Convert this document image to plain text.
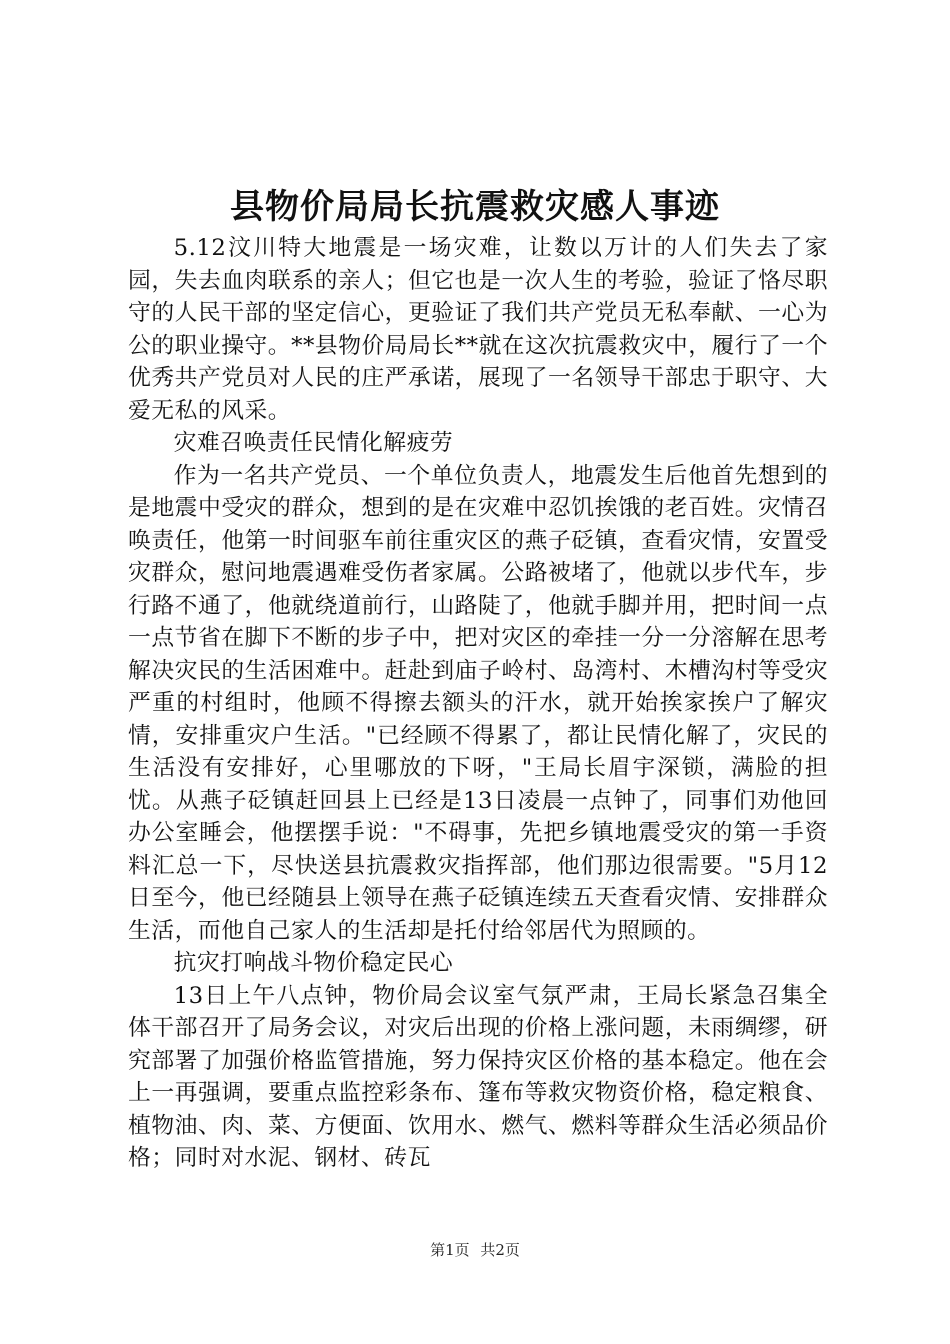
县物价局局长抗震救灾感人事迹

5.12汶川特大地震是一场灾难，让数以万计的人们失去了家园，失去血肉联系的亲人；但它也是一次人生的考验，验证了恪尽职守的人民干部的坚定信心，更验证了我们共产党员无私奉献、一心为公的职业操守。**县物价局局长**就在这次抗震救灾中，履行了一个优秀共产党员对人民的庄严承诺，展现了一名领导干部忠于职守、大爱无私的风采。

灾难召唤责任民情化解疲劳

作为一名共产党员、一个单位负责人，地震发生后他首先想到的是地震中受灾的群众，想到的是在灾难中忍饥挨饿的老百姓。灾情召唤责任，他第一时间驱车前往重灾区的燕子砭镇，查看灾情，安置受灾群众，慰问地震遇难受伤者家属。公路被堵了，他就以步代车，步行路不通了，他就绕道前行，山路陡了，他就手脚并用，把时间一点一点节省在脚下不断的步子中，把对灾区的牵挂一分一分溶解在思考解决灾民的生活困难中。赶赴到庙子岭村、岛湾村、木槽沟村等受灾严重的村组时，他顾不得擦去额头的汗水，就开始挨家挨户了解灾情，安排重灾户生活。"已经顾不得累了，都让民情化解了，灾民的生活没有安排好，心里哪放的下呀，"王局长眉宇深锁，满脸的担忧。从燕子砭镇赶回县上已经是13日凌晨一点钟了，同事们劝他回办公室睡会，他摆摆手说："不碍事，先把乡镇地震受灾的第一手资料汇总一下，尽快送县抗震救灾指挥部，他们那边很需要。"5月12日至今，他已经随县上领导在燕子砭镇连续五天查看灾情、安排群众生活，而他自己家人的生活却是托付给邻居代为照顾的。

抗灾打响战斗物价稳定民心

13日上午八点钟，物价局会议室气氛严肃，王局长紧急召集全体干部召开了局务会议，对灾后出现的价格上涨问题，未雨绸缪，研究部署了加强价格监管措施，努力保持灾区价格的基本稳定。他在会上一再强调，要重点监控彩条布、篷布等救灾物资价格，稳定粮食、植物油、肉、菜、方便面、饮用水、燃气、燃料等群众生活必须品价格；同时对水泥、钢材、砖瓦

第1页 共2页
